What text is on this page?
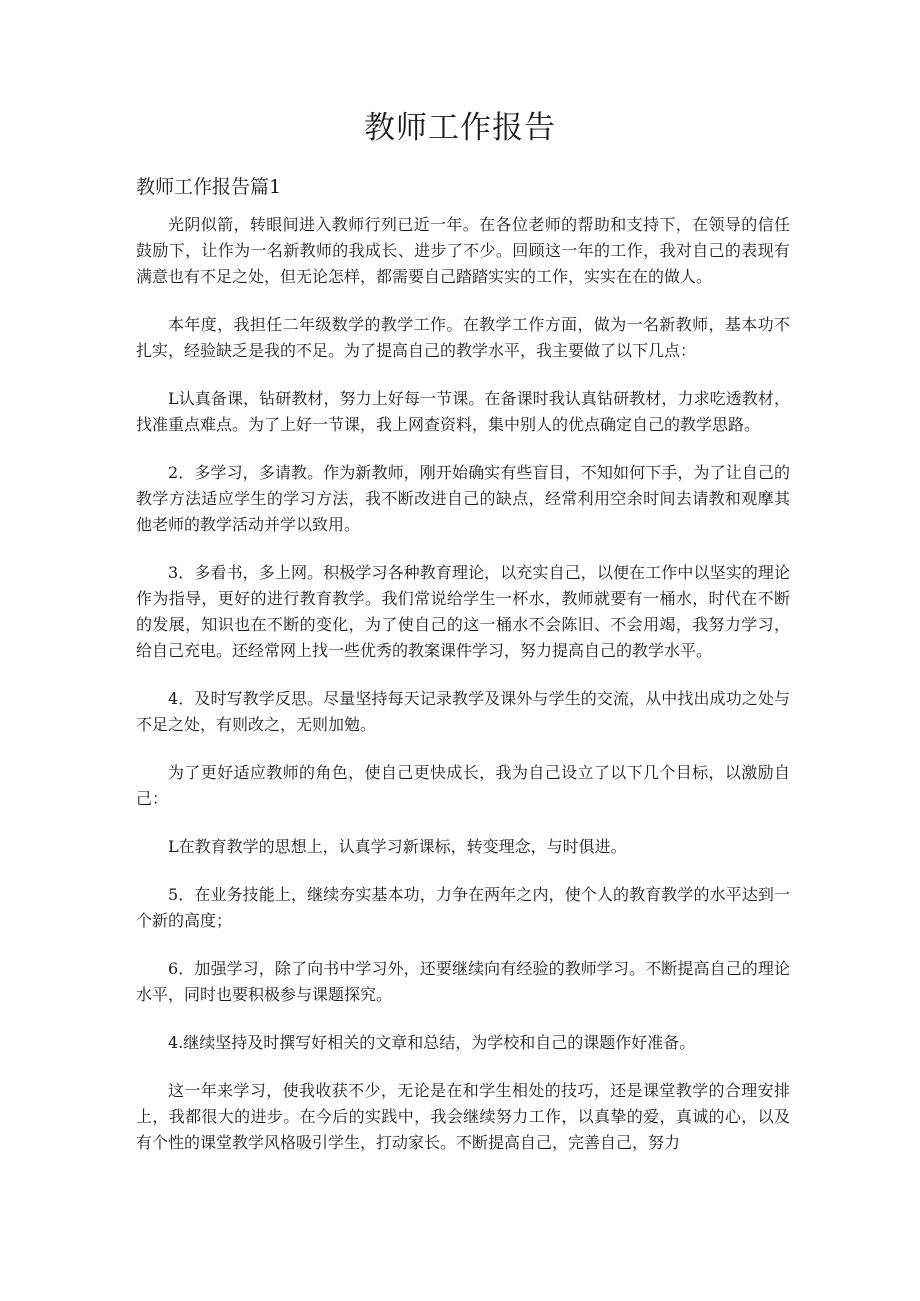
教师工作报告
教师工作报告篇1

光阴似箭，转眼间进入教师行列已近一年。在各位老师的帮助和支持下，在领导的信任鼓励下，让作为一名新教师的我成长、进步了不少。回顾这一年的工作，我对自己的表现有满意也有不足之处，但无论怎样，都需要自己踏踏实实的工作，实实在在的做人。

本年度，我担任二年级数学的教学工作。在教学工作方面，做为一名新教师，基本功不扎实，经验缺乏是我的不足。为了提高自己的教学水平，我主要做了以下几点：

L认真备课，钻研教材，努力上好每一节课。在备课时我认真钻研教材，力求吃透教材，找准重点难点。为了上好一节课，我上网查资料，集中别人的优点确定自己的教学思路。

2．多学习，多请教。作为新教师，刚开始确实有些盲目，不知如何下手，为了让自己的教学方法适应学生的学习方法，我不断改进自己的缺点，经常利用空余时间去请教和观摩其他老师的教学活动并学以致用。

3．多看书，多上网。积极学习各种教育理论，以充实自己，以便在工作中以坚实的理论作为指导，更好的进行教育教学。我们常说给学生一杯水，教师就要有一桶水，时代在不断的发展，知识也在不断的变化，为了使自己的这一桶水不会陈旧、不会用竭，我努力学习，给自己充电。还经常网上找一些优秀的教案课件学习，努力提高自己的教学水平。

4．及时写教学反思。尽量坚持每天记录教学及课外与学生的交流，从中找出成功之处与不足之处，有则改之，无则加勉。

为了更好适应教师的角色，使自己更快成长，我为自己设立了以下几个目标，以激励自己：

L在教育教学的思想上，认真学习新课标，转变理念，与时俱进。

5．在业务技能上，继续夯实基本功，力争在两年之内，使个人的教育教学的水平达到一个新的高度；

6．加强学习，除了向书中学习外，还要继续向有经验的教师学习。不断提高自己的理论水平，同时也要积极参与课题探究。

4.继续坚持及时撰写好相关的文章和总结，为学校和自己的课题作好准备。

这一年来学习，使我收获不少，无论是在和学生相处的技巧，还是课堂教学的合理安排上，我都很大的进步。在今后的实践中，我会继续努力工作，以真挚的爱，真诚的心，以及有个性的课堂教学风格吸引学生，打动家长。不断提高自己，完善自己，努力
